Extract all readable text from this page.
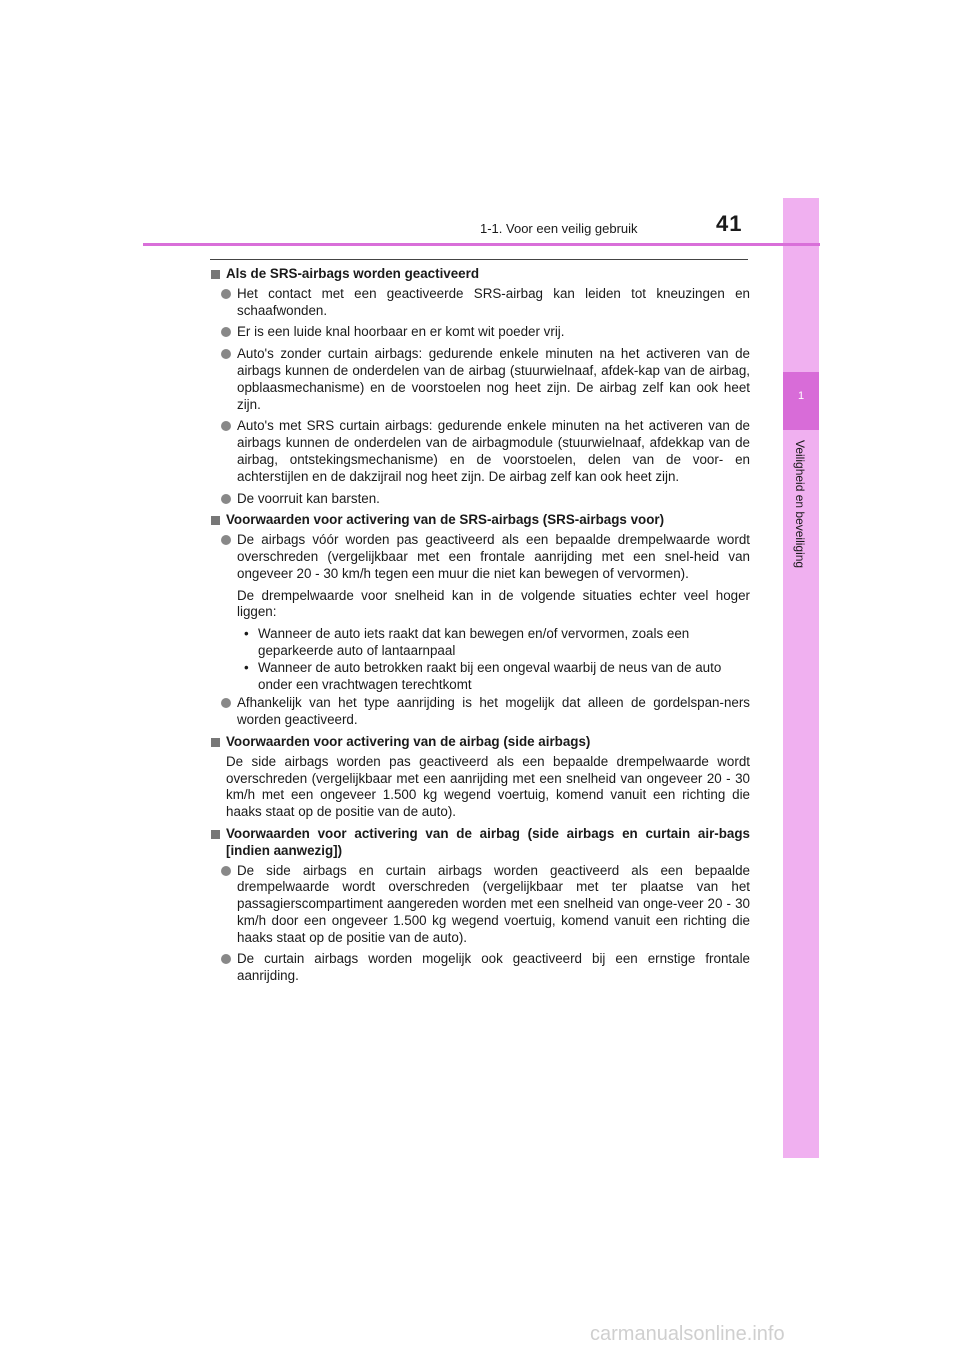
1
Veiligheid en beveiliging
1-1. Voor een veilig gebruik	41
Als de SRS-airbags worden geactiveerd
Het contact met een geactiveerde SRS-airbag kan leiden tot kneuzingen en schaafwonden.
Er is een luide knal hoorbaar en er komt wit poeder vrij.
Auto's zonder curtain airbags: gedurende enkele minuten na het activeren van de airbags kunnen de onderdelen van de airbag (stuurwielnaaf, afdek-kap van de airbag, opblaasmechanisme) en de voorstoelen nog heet zijn. De airbag zelf kan ook heet zijn.
Auto's met SRS curtain airbags: gedurende enkele minuten na het activeren van de airbags kunnen de onderdelen van de airbagmodule (stuurwielnaaf, afdekkap van de airbag, ontstekingsmechanisme) en de voorstoelen, delen van de voor- en achterstijlen en de dakzijrail nog heet zijn. De airbag zelf kan ook heet zijn.
De voorruit kan barsten.
Voorwaarden voor activering van de SRS-airbags (SRS-airbags voor)
De airbags vóór worden pas geactiveerd als een bepaalde drempelwaarde wordt overschreden (vergelijkbaar met een frontale aanrijding met een snel-heid van ongeveer 20 - 30 km/h tegen een muur die niet kan bewegen of vervormen).
De drempelwaarde voor snelheid kan in de volgende situaties echter veel hoger liggen:
• Wanneer de auto iets raakt dat kan bewegen en/of vervormen, zoals een geparkeerde auto of lantaarnpaal
• Wanneer de auto betrokken raakt bij een ongeval waarbij de neus van de auto onder een vrachtwagen terechtkomt
Afhankelijk van het type aanrijding is het mogelijk dat alleen de gordelspan-ners worden geactiveerd.
Voorwaarden voor activering van de airbag (side airbags)
De side airbags worden pas geactiveerd als een bepaalde drempelwaarde wordt overschreden (vergelijkbaar met een aanrijding met een snelheid van ongeveer 20 - 30 km/h met een ongeveer 1.500 kg wegend voertuig, komend vanuit een richting die haaks staat op de positie van de auto).
Voorwaarden voor activering van de airbag (side airbags en curtain air-bags [indien aanwezig])
De side airbags en curtain airbags worden geactiveerd als een bepaalde drempelwaarde wordt overschreden (vergelijkbaar met ter plaatse van het passagierscompartiment aangereden worden met een snelheid van onge-veer 20 - 30 km/h door een ongeveer 1.500 kg wegend voertuig, komend vanuit een richting die haaks staat op de positie van de auto).
De curtain airbags worden mogelijk ook geactiveerd bij een ernstige frontale aanrijding.
carmanualsonline.info
